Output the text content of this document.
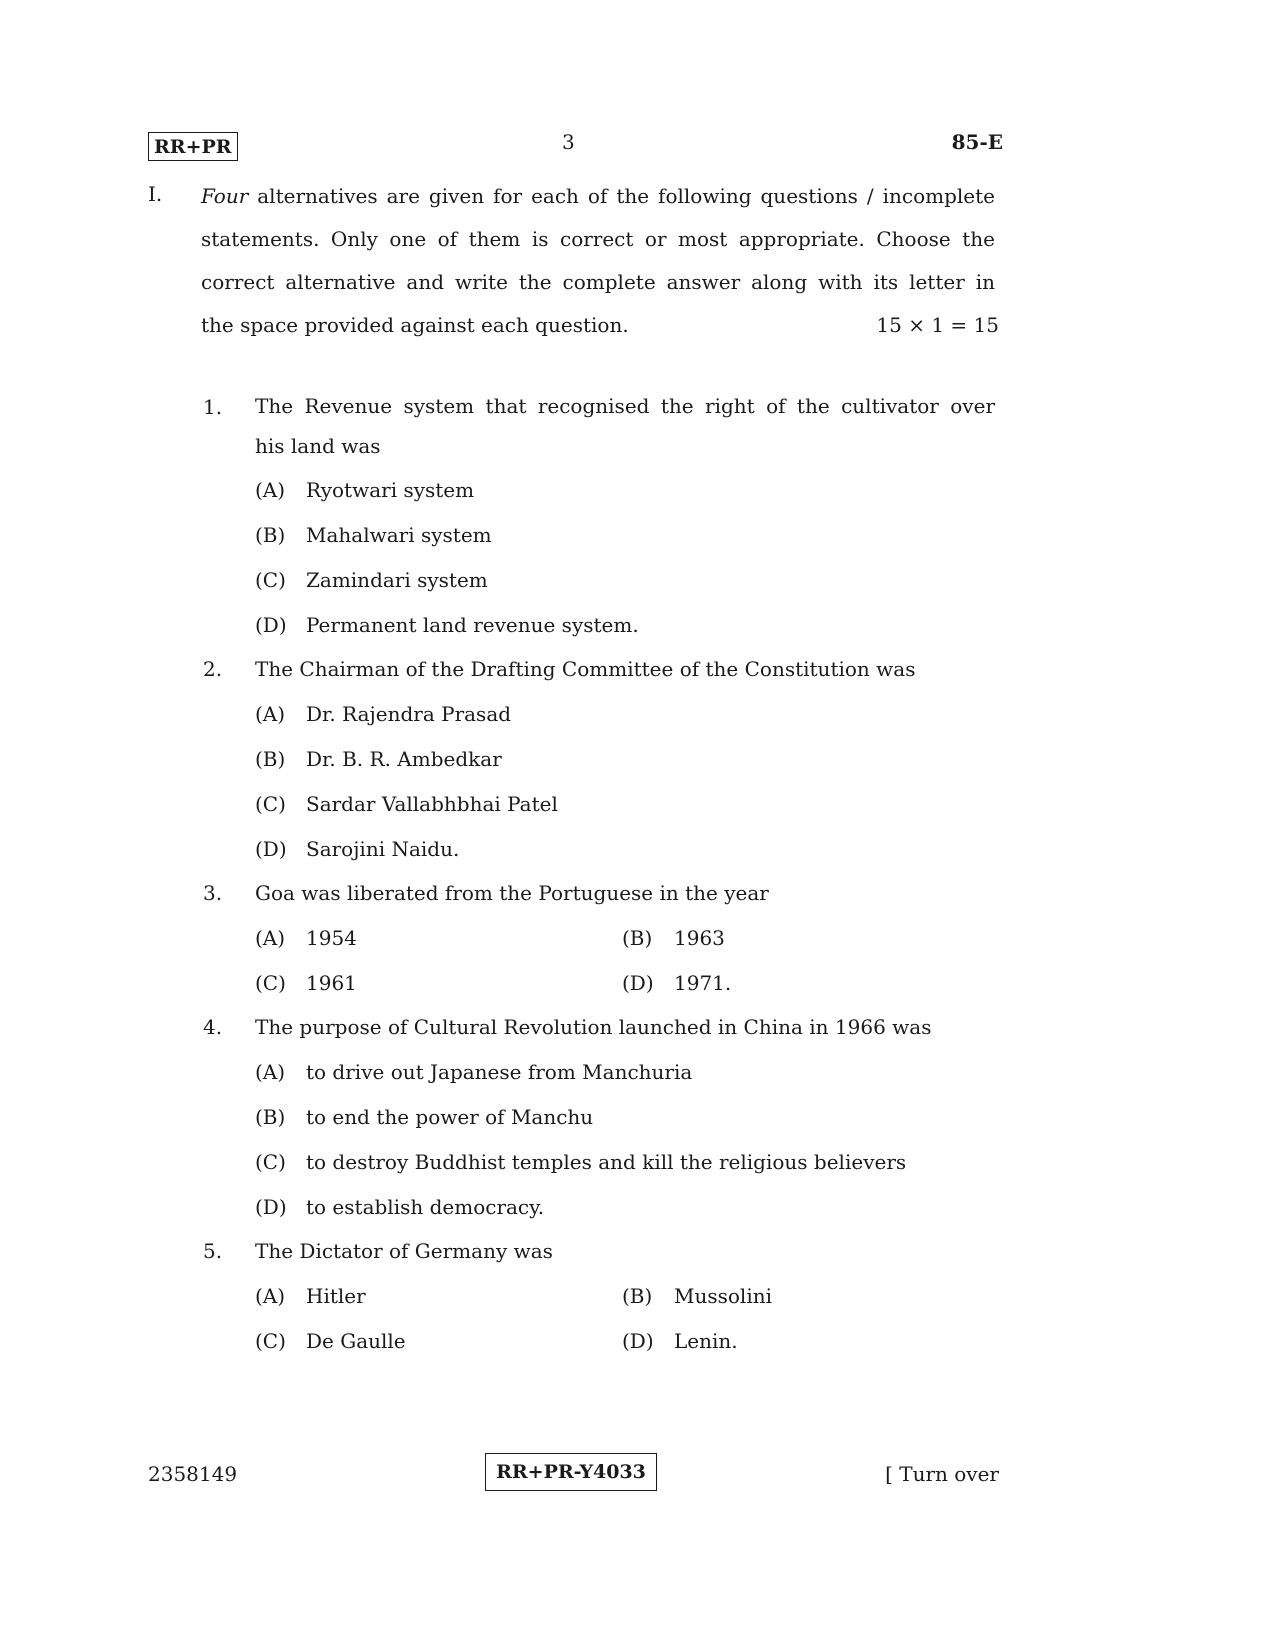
RR+PR	3	85-E
I. Four alternatives are given for each of the following questions / incomplete
statements. Only one of them is correct or most appropriate. Choose the
correct alternative and write the complete answer along with its letter in
the space provided against each question.	15 × 1 = 15
1. The Revenue system that recognised the right of the cultivator over
his land was
(A) Ryotwari system
(B) Mahalwari system
(C) Zamindari system
(D) Permanent land revenue system.
2. The Chairman of the Drafting Committee of the Constitution was
(A) Dr. Rajendra Prasad
(B) Dr. B. R. Ambedkar
(C) Sardar Vallabhbhai Patel
(D) Sarojini Naidu.
3. Goa was liberated from the Portuguese in the year
(A) 1954	(B) 1963
(C) 1961	(D) 1971.
4. The purpose of Cultural Revolution launched in China in 1966 was
(A) to drive out Japanese from Manchuria
(B) to end the power of Manchu
(C) to destroy Buddhist temples and kill the religious believers
(D) to establish democracy.
5. The Dictator of Germany was
(A) Hitler	(B) Mussolini
(C) De Gaulle	(D) Lenin.
2358149	RR+PR-Y4033	[ Turn over
